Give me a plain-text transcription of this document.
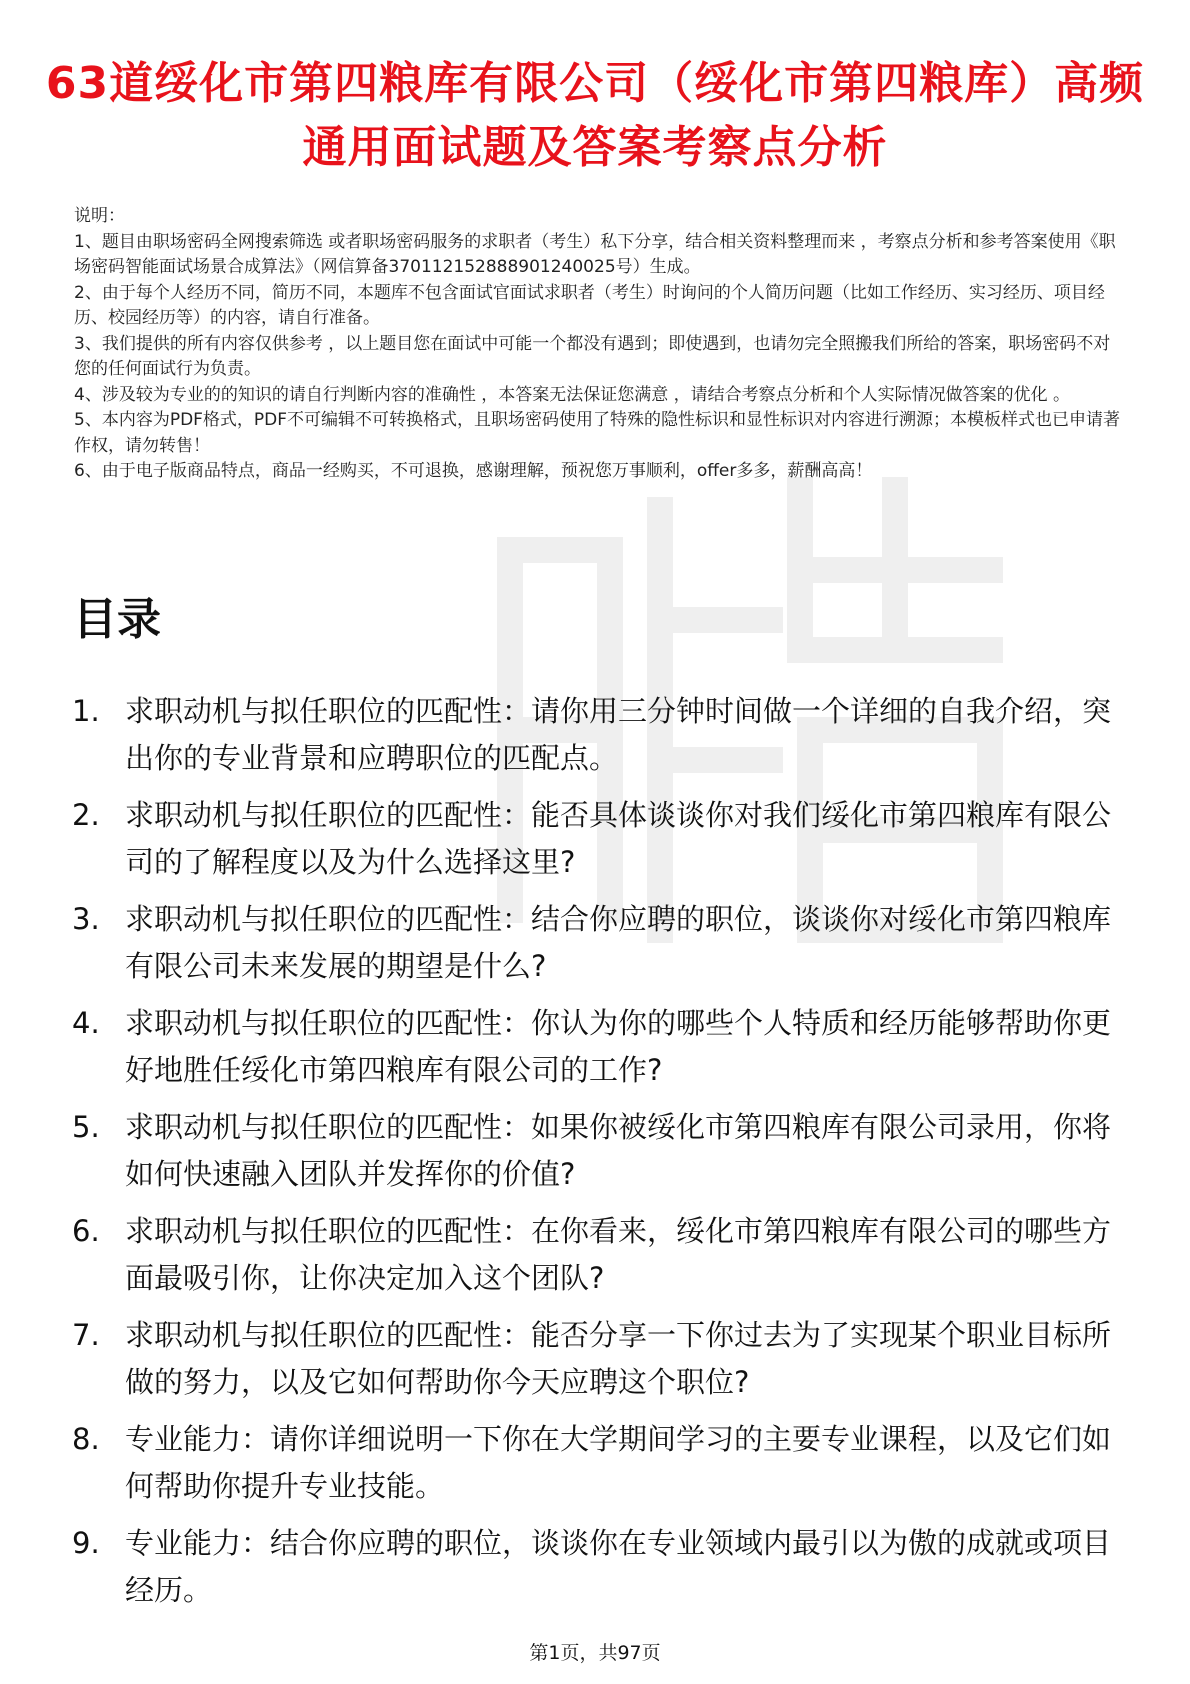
63道绥化市第四粮库有限公司（绥化市第四粮库）高频通用面试题及答案考察点分析

说明：

1、题目由职场密码全网搜索筛选 或者职场密码服务的求职者（考生）私下分享，结合相关资料整理而来 ，考察点分析和参考答案使用《职场密码智能面试场景合成算法》（网信算备370112152888901240025号）生成。

2、由于每个人经历不同，简历不同，本题库不包含面试官面试求职者（考生）时询问的个人简历问题（比如工作经历、实习经历、项目经历、校园经历等）的内容，请自行准备。

3、我们提供的所有内容仅供参考 ，以上题目您在面试中可能一个都没有遇到；即使遇到，也请勿完全照搬我们所给的答案，职场密码不对您的任何面试行为负责。

4、涉及较为专业的的知识的请自行判断内容的准确性 ，本答案无法保证您满意 ，请结合考察点分析和个人实际情况做答案的优化 。

5、本内容为PDF格式，PDF不可编辑不可转换格式，且职场密码使用了特殊的隐性标识和显性标识对内容进行溯源；本模板样式也已申请著作权，请勿转售！

6、由于电子版商品特点，商品一经购买，不可退换，感谢理解，预祝您万事顺利，offer多多，薪酬高高！

目录
1. 求职动机与拟任职位的匹配性：请你用三分钟时间做一个详细的自我介绍，突出你的专业背景和应聘职位的匹配点。
2. 求职动机与拟任职位的匹配性：能否具体谈谈你对我们绥化市第四粮库有限公司的了解程度以及为什么选择这里?
3. 求职动机与拟任职位的匹配性：结合你应聘的职位，谈谈你对绥化市第四粮库有限公司未来发展的期望是什么?
4. 求职动机与拟任职位的匹配性：你认为你的哪些个人特质和经历能够帮助你更好地胜任绥化市第四粮库有限公司的工作?
5. 求职动机与拟任职位的匹配性：如果你被绥化市第四粮库有限公司录用，你将如何快速融入团队并发挥你的价值?
6. 求职动机与拟任职位的匹配性：在你看来，绥化市第四粮库有限公司的哪些方面最吸引你，让你决定加入这个团队?
7. 求职动机与拟任职位的匹配性：能否分享一下你过去为了实现某个职业目标所做的努力，以及它如何帮助你今天应聘这个职位?
8. 专业能力：请你详细说明一下你在大学期间学习的主要专业课程，以及它们如何帮助你提升专业技能。
9. 专业能力：结合你应聘的职位，谈谈你在专业领域内最引以为傲的成就或项目经历。
第1页，共97页
